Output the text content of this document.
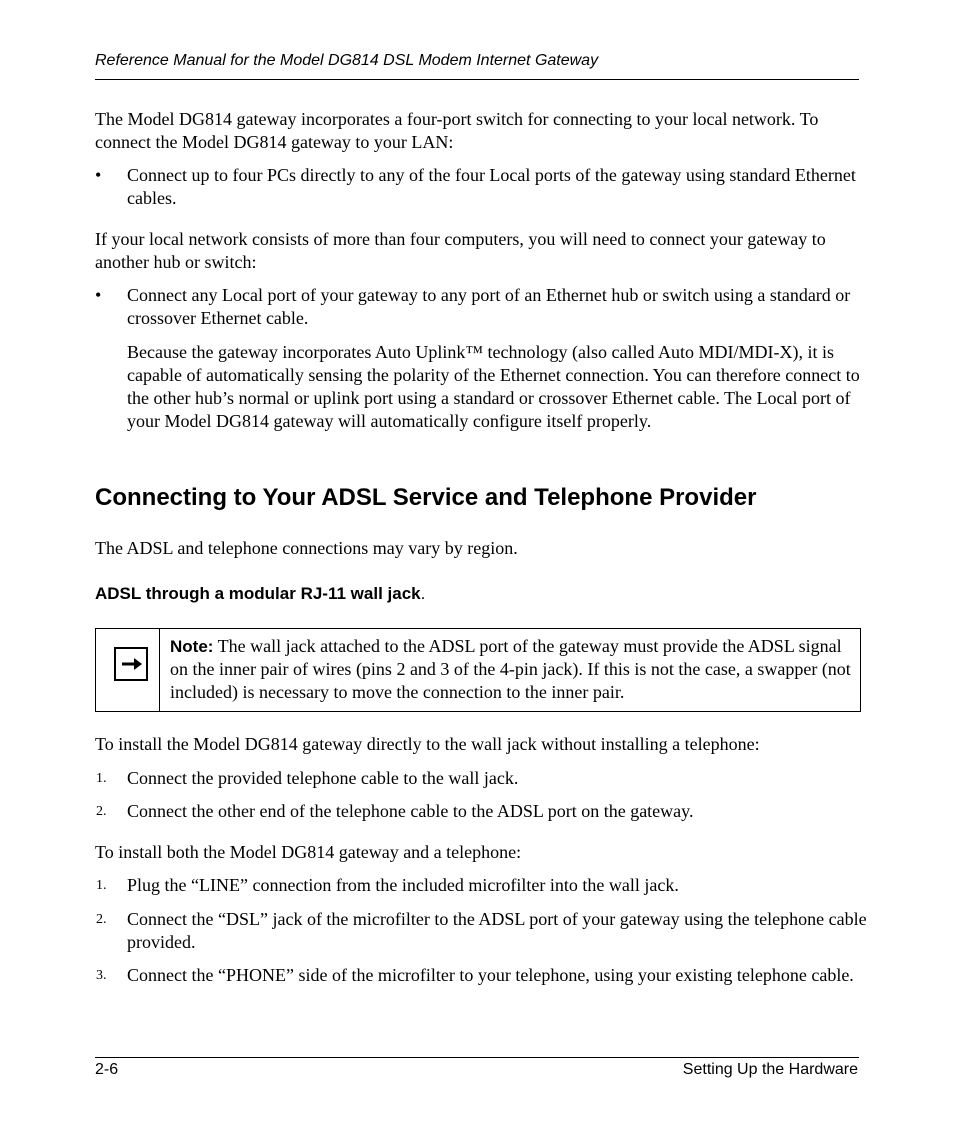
Reference Manual for the Model DG814 DSL Modem Internet Gateway
The Model DG814 gateway incorporates a four-port switch for connecting to your local network. To connect the Model DG814 gateway to your LAN:
• Connect up to four PCs directly to any of the four Local ports of the gateway using standard Ethernet cables.
If your local network consists of more than four computers, you will need to connect your gateway to another hub or switch:
• Connect any Local port of your gateway to any port of an Ethernet hub or switch using a standard or crossover Ethernet cable.
Because the gateway incorporates Auto Uplink™ technology (also called Auto MDI/MDI-X), it is capable of automatically sensing the polarity of the Ethernet connection. You can therefore connect to the other hub’s normal or uplink port using a standard or crossover Ethernet cable. The Local port of your Model DG814 gateway will automatically configure itself properly.
Connecting to Your ADSL Service and Telephone Provider
The ADSL and telephone connections may vary by region.
ADSL through a modular RJ-11 wall jack.
Note: The wall jack attached to the ADSL port of the gateway must provide the ADSL signal on the inner pair of wires (pins 2 and 3 of the 4-pin jack). If this is not the case, a swapper (not included) is necessary to move the connection to the inner pair.
To install the Model DG814 gateway directly to the wall jack without installing a telephone:
1. Connect the provided telephone cable to the wall jack.
2. Connect the other end of the telephone cable to the ADSL port on the gateway.
To install both the Model DG814 gateway and a telephone:
1. Plug the “LINE” connection from the included microfilter into the wall jack.
2. Connect the “DSL” jack of the microfilter to the ADSL port of your gateway using the telephone cable provided.
3. Connect the “PHONE” side of the microfilter to your telephone, using your existing telephone cable.
2-6	Setting Up the Hardware
